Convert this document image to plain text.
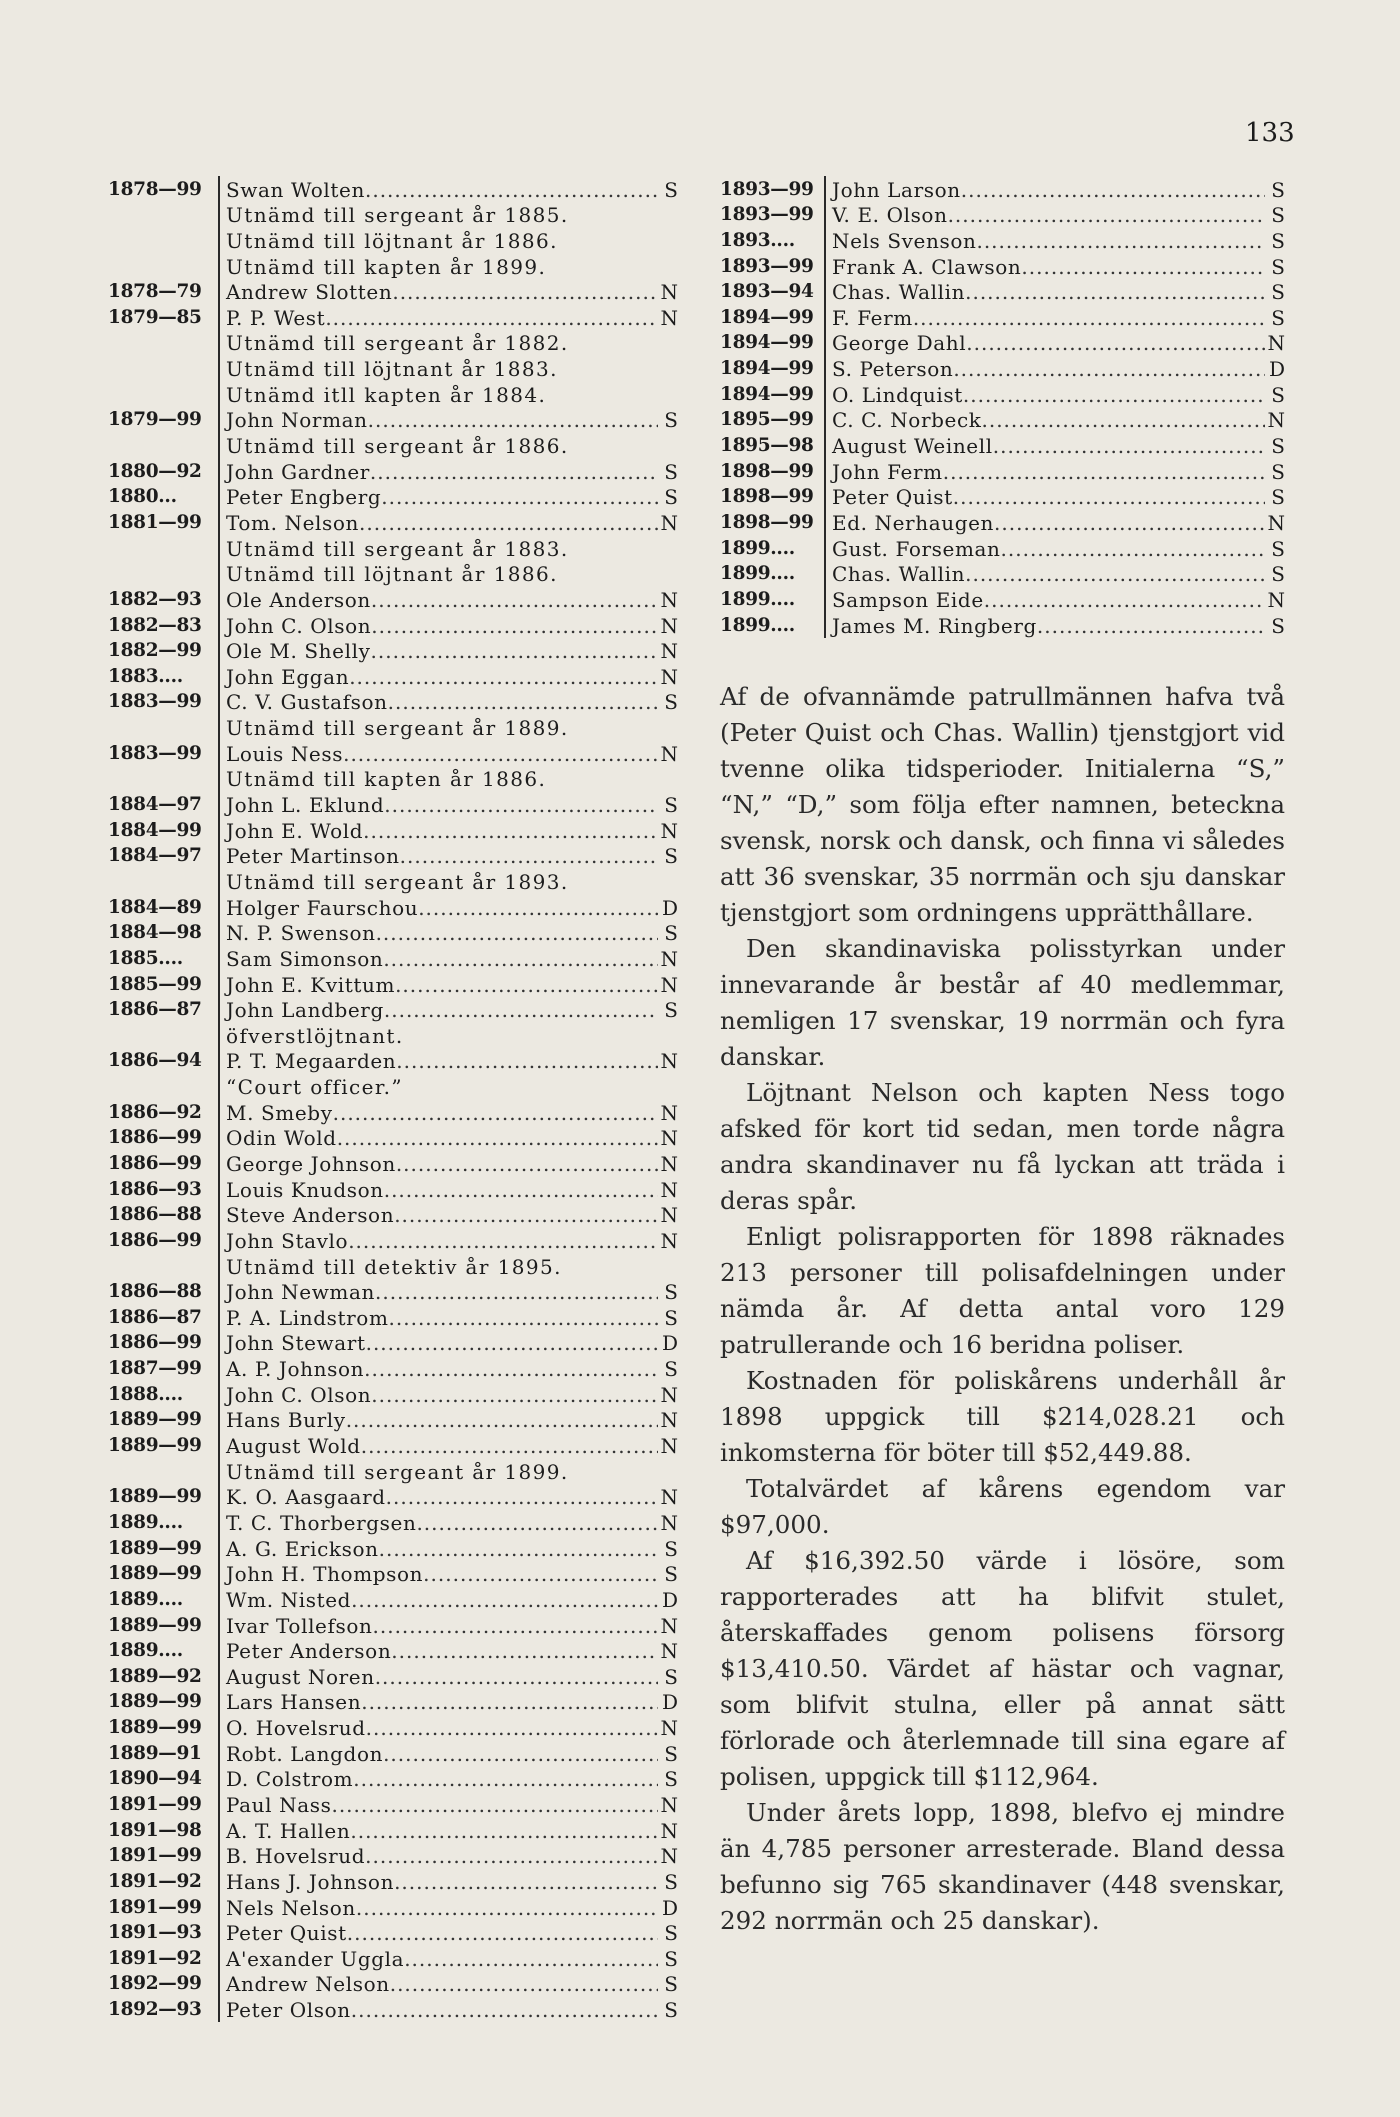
133
1878—99	Swan Wolten .....	S
Utnämd till sergeant år 1885.
Utnämd till löjtnant år 1886.
Utnämd till kapten år 1899.
1878—79	Andrew Slotten .....	N
1879—85	P. P. West .....	N
Utnämd till sergeant år 1882.
Utnämd till löjtnant år 1883.
Utnämd itll kapten år 1884.
1879—99	John Norman .....	S
Utnämd till sergeant år 1886.
1880—92	John Gardner .....	S
1880...	Peter Engberg .....	S
1881—99	Tom. Nelson .....	N
Utnämd till sergeant år 1883.
Utnämd till löjtnant år 1886.
1882—93	Ole Anderson .....	N
1882—83	John C. Olson .....	N
1882—99	Ole M. Shelly .....	N
1883....	John Eggan .....	N
1883—99	C. V. Gustafson .....	S
Utnämd till sergeant år 1889.
1883—99	Louis Ness .....	N
Utnämd till kapten år 1886.
1884—97	John L. Eklund .....	S
1884—99	John E. Wold .....	N
1884—97	Peter Martinson .....	S
Utnämd till sergeant år 1893.
1884—89	Holger Faurschou .....	D
1884—98	N. P. Swenson .....	S
1885....	Sam Simonson .....	N
1885—99	John E. Kvittum .....	N
1886—87	John Landberg .....	S
öfverstlöjtnant.
1886—94	P. T. Megaarden .....	N
“Court officer.”
1886—92	M. Smeby .....	N
1886—99	Odin Wold .....	N
1886—99	George Johnson .....	N
1886—93	Louis Knudson .....	N
1886—88	Steve Anderson .....	N
1886—99	John Stavlo .....	N
Utnämd till detektiv år 1895.
1886—88	John Newman .....	S
1886—87	P. A. Lindstrom .....	S
1886—99	John Stewart .....	D
1887—99	A. P. Johnson .....	S
1888....	John C. Olson .....	N
1889—99	Hans Burly .....	N
1889—99	August Wold .....	N
Utnämd till sergeant år 1899.
1889—99	K. O. Aasgaard .....	N
1889....	T. C. Thorbergsen .....	N
1889—99	A. G. Erickson .....	S
1889—99	John H. Thompson .....	S
1889....	Wm. Nisted .....	D
1889—99	Ivar Tollefson .....	N
1889....	Peter Anderson .....	N
1889—92	August Noren .....	S
1889—99	Lars Hansen .....	D
1889—99	O. Hovelsrud .....	N
1889—91	Robt. Langdon .....	S
1890—94	D. Colstrom .....	S
1891—99	Paul Nass .....	N
1891—98	A. T. Hallen .....	N
1891—99	B. Hovelsrud .....	N
1891—92	Hans J. Johnson .....	S
1891—99	Nels Nelson .....	D
1891—93	Peter Quist .....	S
1891—92	A'exander Uggla .....	S
1892—99	Andrew Nelson .....	S
1892—93	Peter Olson .....	S
1893—99 John Larson .....	S
1893—99 V. E. Olson .....	S
1893....	Nels Svenson .....	S
1893—99 Frank A. Clawson .....	S
1893—94 Chas. Wallin .....	S
1894—99 F. Ferm .....	S
1894—99 George Dahl .....	N
1894—99 S. Peterson .....	D
1894—99 O. Lindquist .....	S
1895—99 C. C. Norbeck .....	N
1895—98 August Weinell .....	S
1898—99 John Ferm .....	S
1898—99 Peter Quist .....	S
1898—99 Ed. Nerhaugen .....	N
1899....	Gust. Forseman .....	S
1899....	Chas. Wallin .....	S
1899....	Sampson Eide .....	N
1899....	James M. Ringberg .....	S

Af de ofvannämde patrullmännen hafva två (Peter Quist och Chas. Wallin) tjenstgjort vid tvenne olika tidsperioder. Initialerna “S,” “N,” “D,” som följa efter namnen, beteckna svensk, norsk och dansk, och finna vi således att 36 svenskar, 35 norrmän och sju danskar tjenstgjort som ordningens upprätthållare.

Den skandinaviska polisstyrkan under innevarande år består af 40 medlemmar, nemligen 17 svenskar, 19 norrmän och fyra danskar.

Löjtnant Nelson och kapten Ness togo afsked för kort tid sedan, men torde några andra skandinaver nu få lyckan att träda i deras spår.

Enligt polisrapporten för 1898 räknades 213 personer till polisafdelningen under nämda år. Af detta antal voro 129 patrullerande och 16 beridna poliser.

Kostnaden för poliskårens underhåll år 1898 uppgick till $214,028.21 och inkomsterna för böter till $52,449.88.

Totalvärdet af kårens egendom var $97,000.

Af $16,392.50 värde i lösöre, som rapporterades att ha blifvit stulet, återskaffades genom polisens försorg $13,410.50. Värdet af hästar och vagnar, som blifvit stulna, eller på annat sätt förlorade och återlemnade till sina egare af polisen, uppgick till $112,964.

Under årets lopp, 1898, blefvo ej mindre än 4,785 personer arresterade. Bland dessa befunno sig 765 skandinaver (448 svenskar, 292 norrmän och 25 danskar).
